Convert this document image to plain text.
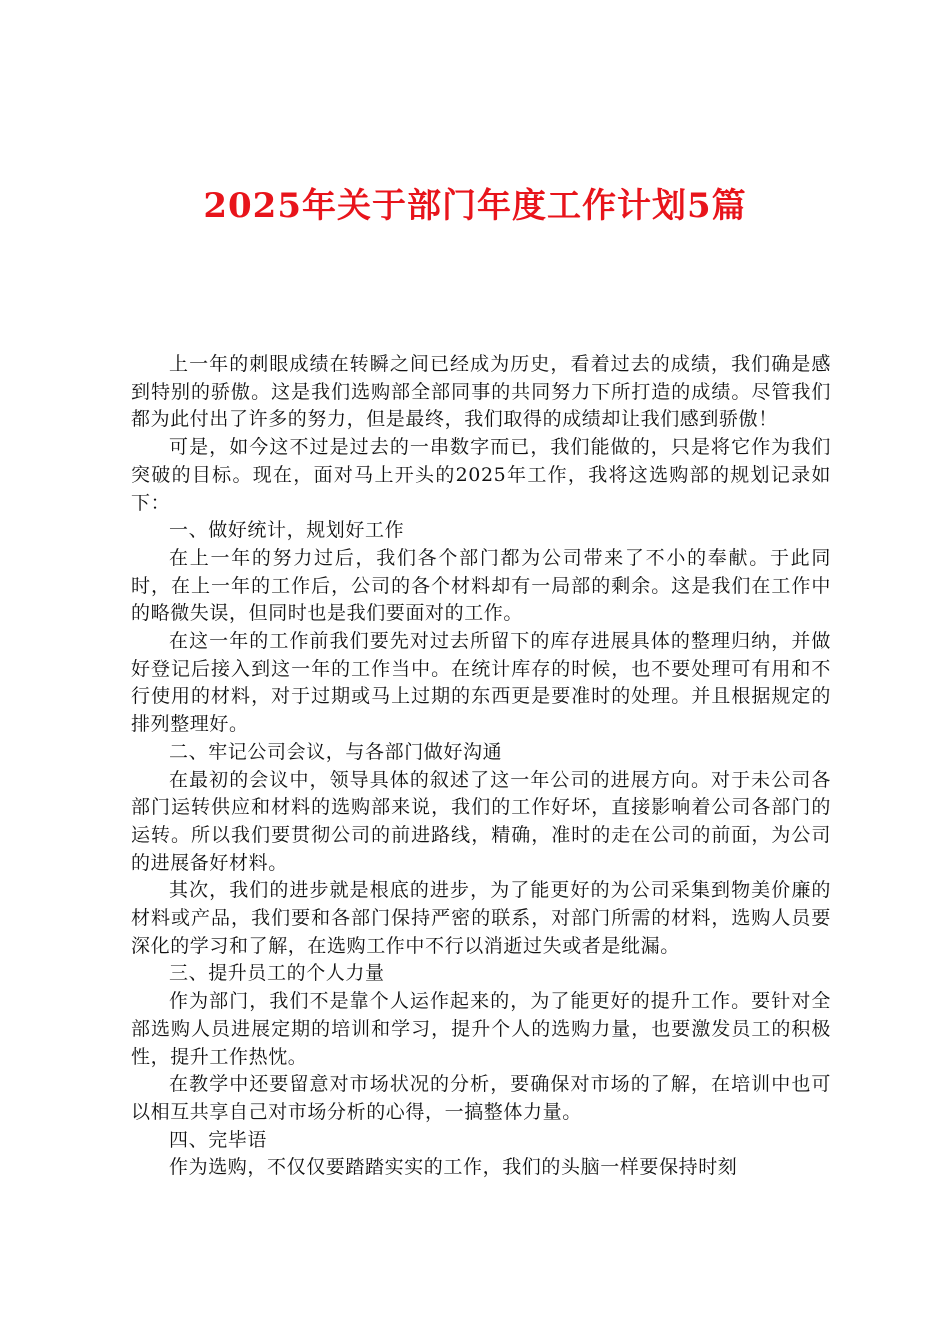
2025年关于部门年度工作计划5篇

上一年的刺眼成绩在转瞬之间已经成为历史，看着过去的成绩，我们确是感到特别的骄傲。这是我们选购部全部同事的共同努力下所打造的成绩。尽管我们都为此付出了许多的努力，但是最终，我们取得的成绩却让我们感到骄傲！

可是，如今这不过是过去的一串数字而已，我们能做的，只是将它作为我们突破的目标。现在，面对马上开头的2025年工作，我将这选购部的规划记录如下：

一、做好统计，规划好工作

在上一年的努力过后，我们各个部门都为公司带来了不小的奉献。于此同时，在上一年的工作后，公司的各个材料却有一局部的剩余。这是我们在工作中的略微失误，但同时也是我们要面对的工作。

在这一年的工作前我们要先对过去所留下的库存进展具体的整理归纳，并做好登记后接入到这一年的工作当中。在统计库存的时候，也不要处理可有用和不行使用的材料，对于过期或马上过期的东西更是要准时的处理。并且根据规定的排列整理好。

二、牢记公司会议，与各部门做好沟通

在最初的会议中，领导具体的叙述了这一年公司的进展方向。对于未公司各部门运转供应和材料的选购部来说，我们的工作好坏，直接影响着公司各部门的运转。所以我们要贯彻公司的前进路线，精确，准时的走在公司的前面，为公司的进展备好材料。

其次，我们的进步就是根底的进步，为了能更好的为公司采集到物美价廉的材料或产品，我们要和各部门保持严密的联系，对部门所需的材料，选购人员要深化的学习和了解，在选购工作中不行以消逝过失或者是纰漏。

三、提升员工的个人力量

作为部门，我们不是靠个人运作起来的，为了能更好的提升工作。要针对全部选购人员进展定期的培训和学习，提升个人的选购力量，也要激发员工的积极性，提升工作热忱。

在教学中还要留意对市场状况的分析，要确保对市场的了解，在培训中也可以相互共享自己对市场分析的心得，一搞整体力量。

四、完毕语

作为选购，不仅仅要踏踏实实的工作，我们的头脑一样要保持时刻
